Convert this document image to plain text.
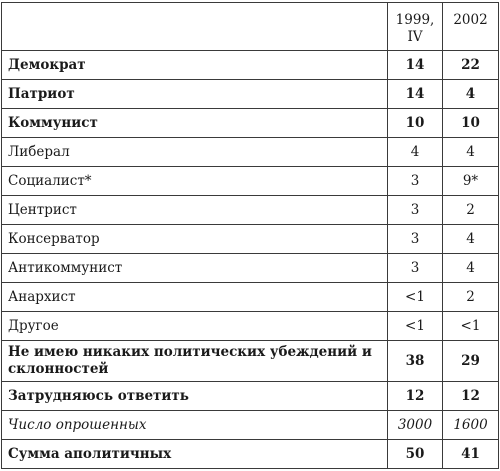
	1999, IV	2002
Демократ	14	22
Патриот	14	4
Коммунист	10	10
Либерал	4	4
Социалист*	3	9*
Центрист	3	2
Консерватор	3	4
Антикоммунист	3	4
Анархист	<1	2
Другое	<1	<1
Не имею никаких политических убеждений и склонностей	38	29
Затрудняюсь ответить	12	12
Число опрошенных	3000	1600
Сумма аполитичных	50	41
